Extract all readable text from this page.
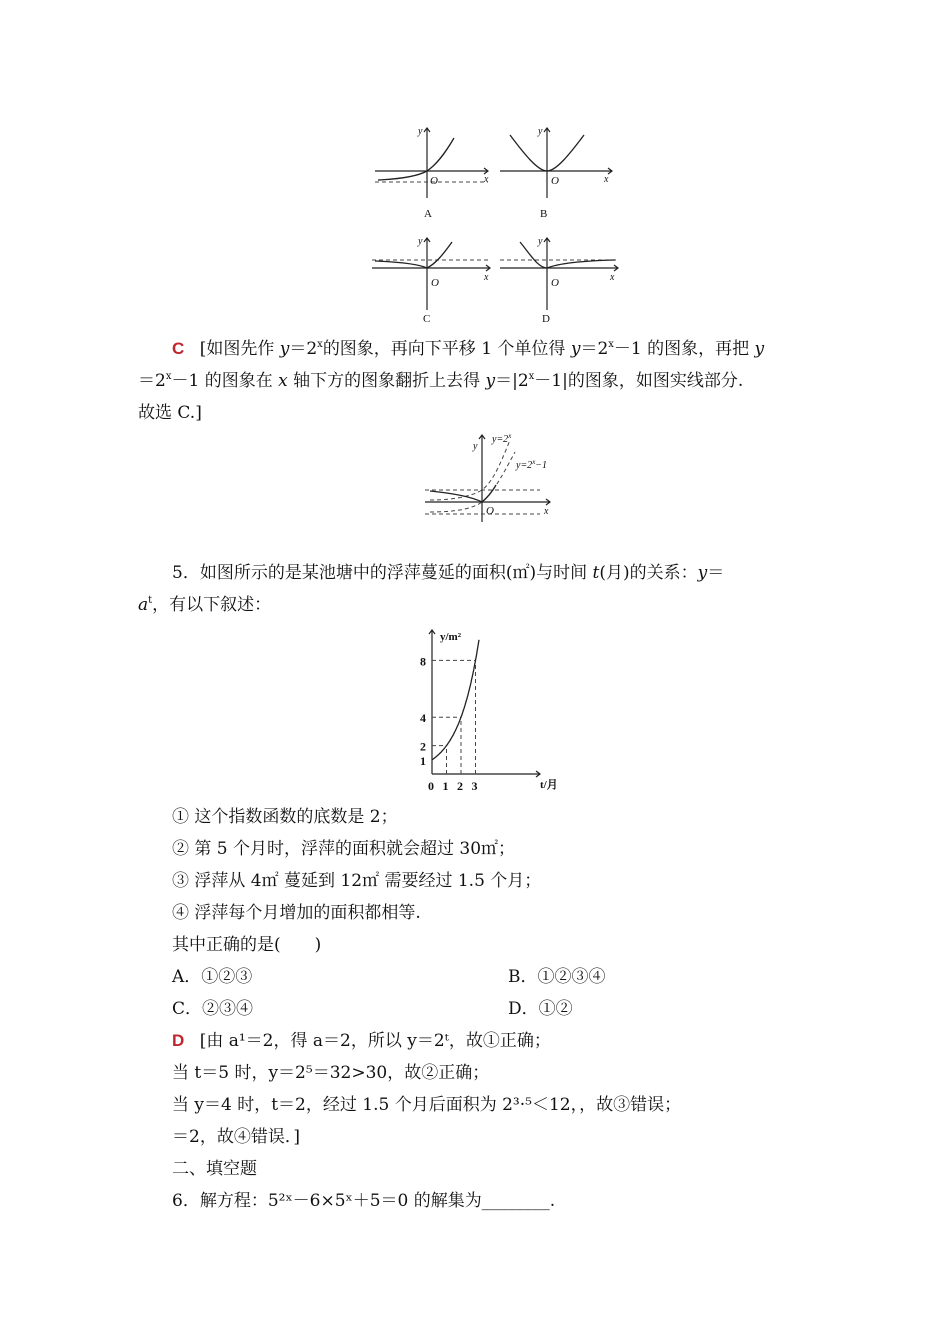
y
x
O
A
y
x
O
B
y
x
O
C
y
x
O
D
C [如图先作 $y=2^x$的图象，再向下平移 1 个单位得 $y=2^x-1$ 的图象，再把 y
$=2^x-1$ 的图象在 x 轴下方的图象翻折上去得 $y=|2^x-1|$的图象，如图实线部分.
故选 C.]
$y=2^x$
$y=2^x-1$
y
x
O
5．如图所示的是某池塘中的浮萍蔓延的面积(㎡)与时间 t(月)的关系：y＝
$a^t$，有以下叙述：
y/m²
t/月
1
2
4
8
0 1 2 3
① 这个指数函数的底数是 2；
② 第 5 个月时，浮萍的面积就会超过 30㎡；
③ 浮萍从 4㎡ 蔓延到 12㎡ 需要经过 1.5 个月；
④ 浮萍每个月增加的面积都相等.
其中正确的是(　　)
A．①②③	B．①②③④
C．②③④	D．①②
D [由 a¹＝2，得 a＝2，所以 y＝2ᵗ，故①正确；
当 t＝5 时，y＝2⁵＝32>30，故②正确；
当 y＝4 时，t＝2，经过 1.5 个月后面积为 2³·⁵＜12，，故③错误；
＝2，故④错误．]
二、填空题
6．解方程：5²ˣ－6×5ˣ＋5＝0 的解集为________.
